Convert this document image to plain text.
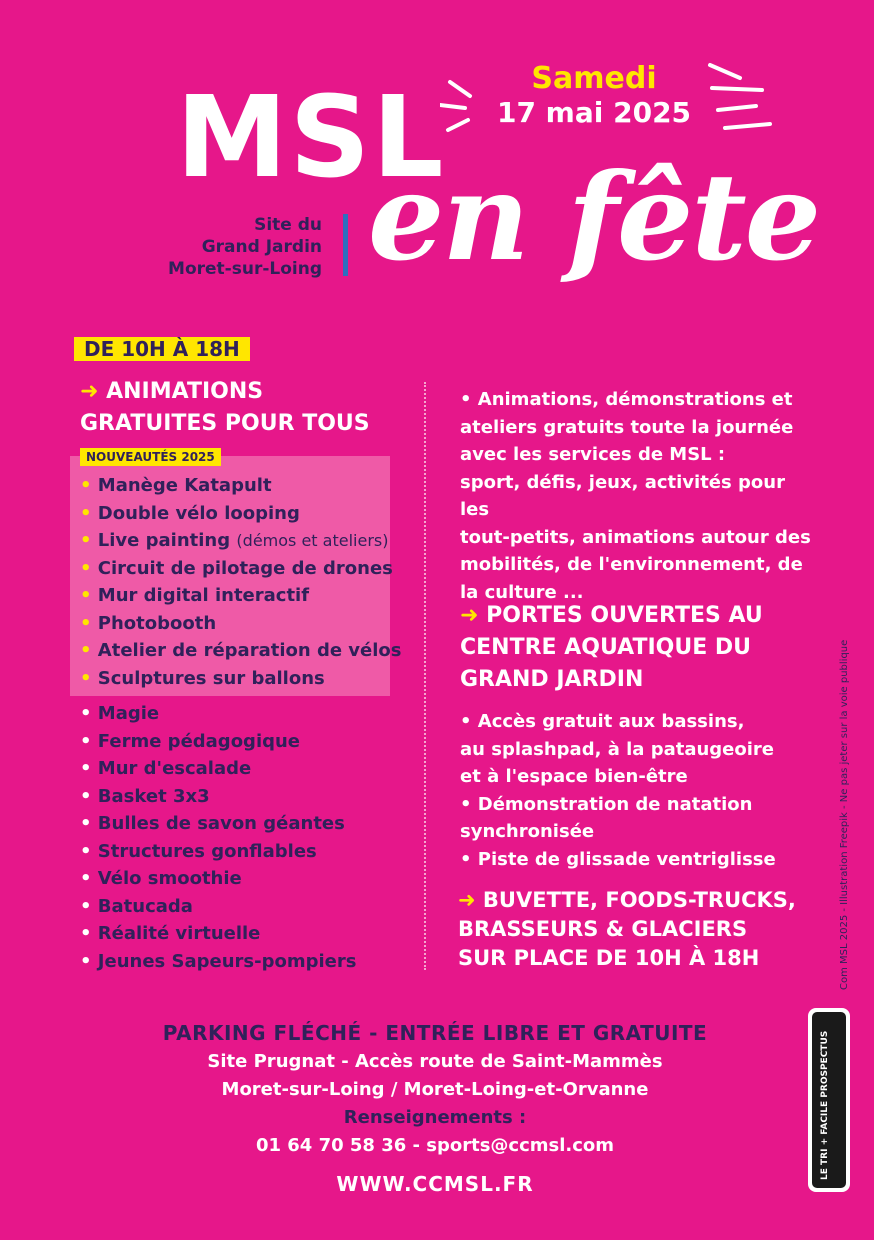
MSL	Samedi
17 mai 2025
Site du
Grand Jardin
Moret-sur-Loing en fête
DE 10H À 18H
➜ ANIMATIONS
GRATUITES POUR TOUS
NOUVEAUTÉS 2025
• Manège Katapult
• Double vélo looping
• Live painting (démos et ateliers)
• Circuit de pilotage de drones
• Mur digital interactif
• Photobooth
• Atelier de réparation de vélos
• Sculptures sur ballons
• Magie
• Ferme pédagogique
• Mur d'escalade
• Basket 3x3
• Bulles de savon géantes
• Structures gonflables
• Vélo smoothie
• Batucada
• Réalité virtuelle
• Jeunes Sapeurs-pompiers
• Animations, démonstrations et
ateliers gratuits toute la journée
avec les services de MSL :
sport, défis, jeux, activités pour les
tout-petits, animations autour des
mobilités, de l'environnement, de
la culture ...
➜ PORTES OUVERTES AU
CENTRE AQUATIQUE DU
GRAND JARDIN
• Accès gratuit aux bassins,
au splashpad, à la pataugeoire
et à l'espace bien-être
• Démonstration de natation
synchronisée
• Piste de glissade ventriglisse
➜ BUVETTE, FOODS-TRUCKS,
BRASSEURS & GLACIERS
SUR PLACE DE 10H À 18H
PARKING FLÉCHÉ - ENTRÉE LIBRE ET GRATUITE
Site Prugnat - Accès route de Saint-Mammès
Moret-sur-Loing / Moret-Loing-et-Orvanne
Renseignements :
01 64 70 58 36 - sports@ccmsl.com
WWW.CCMSL.FR
Com MSL 2025 - Illustration Freepik - Ne pas jeter sur la voie publique
LE TRI + FACILE PROSPECTUS
